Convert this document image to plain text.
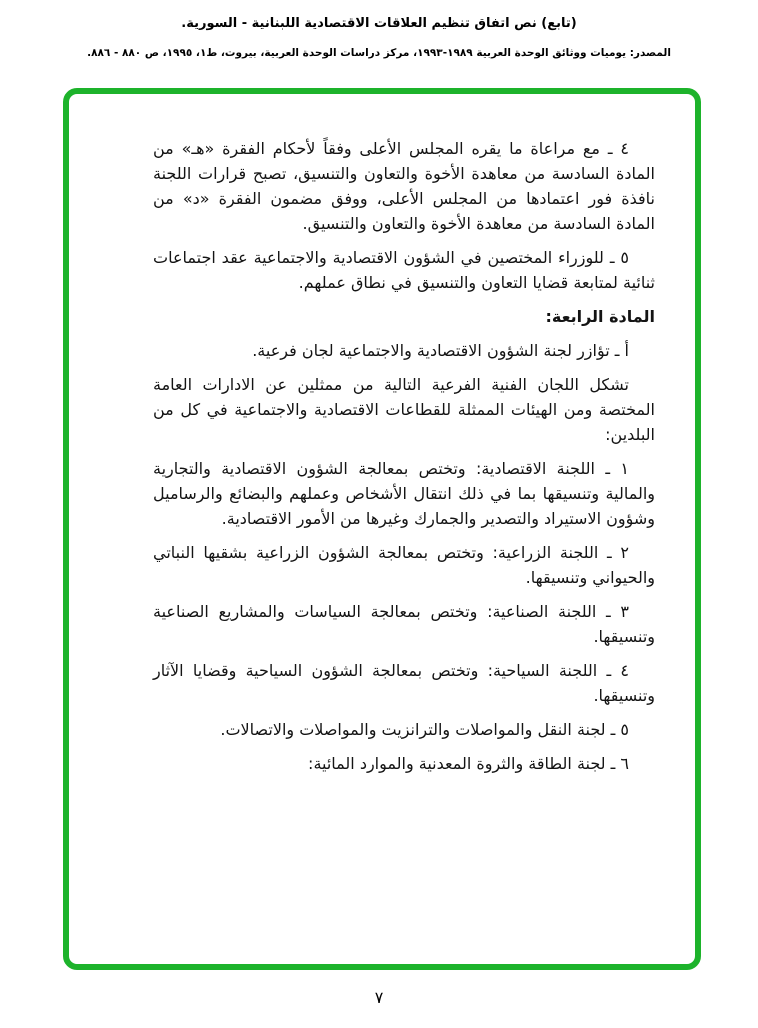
(تابع) نص اتفاق تنظيم العلاقات الاقتصادية اللبنانية - السورية.
المصدر: يوميات ووثائق الوحدة العربية ١٩٨٩-١٩٩٣، مركز دراسات الوحدة العربية، بيروت، ط١، ١٩٩٥، ص ٨٨٠ - ٨٨٦.

٤ ـ مع مراعاة ما يقره المجلس الأعلى وفقاً لأحكام الفقرة «هـ» من المادة السادسة من معاهدة الأخوة والتعاون والتنسيق، تصبح قرارات اللجنة نافذة فور اعتمادها من المجلس الأعلى، ووفق مضمون الفقرة «د» من المادة السادسة من معاهدة الأخوة والتعاون والتنسيق.

٥ ـ للوزراء المختصين في الشؤون الاقتصادية والاجتماعية عقد اجتماعات ثنائية لمتابعة قضايا التعاون والتنسيق في نطاق عملهم.

المادة الرابعة:

أ ـ تؤازر لجنة الشؤون الاقتصادية والاجتماعية لجان فرعية.

تشكل اللجان الفنية الفرعية التالية من ممثلين عن الادارات العامة المختصة ومن الهيئات الممثلة للقطاعات الاقتصادية والاجتماعية في كل من البلدين:

١ ـ اللجنة الاقتصادية: وتختص بمعالجة الشؤون الاقتصادية والتجارية والمالية وتنسيقها بما في ذلك انتقال الأشخاص وعملهم والبضائع والرساميل وشؤون الاستيراد والتصدير والجمارك وغيرها من الأمور الاقتصادية.

٢ ـ اللجنة الزراعية: وتختص بمعالجة الشؤون الزراعية بشقيها النباتي والحيواني وتنسيقها.

٣ ـ اللجنة الصناعية: وتختص بمعالجة السياسات والمشاريع الصناعية وتنسيقها.

٤ ـ اللجنة السياحية: وتختص بمعالجة الشؤون السياحية وقضايا الآثار وتنسيقها.

٥ ـ لجنة النقل والمواصلات والترانزيت والمواصلات والاتصالات.

٦ ـ لجنة الطاقة والثروة المعدنية والموارد المائية:

٧
